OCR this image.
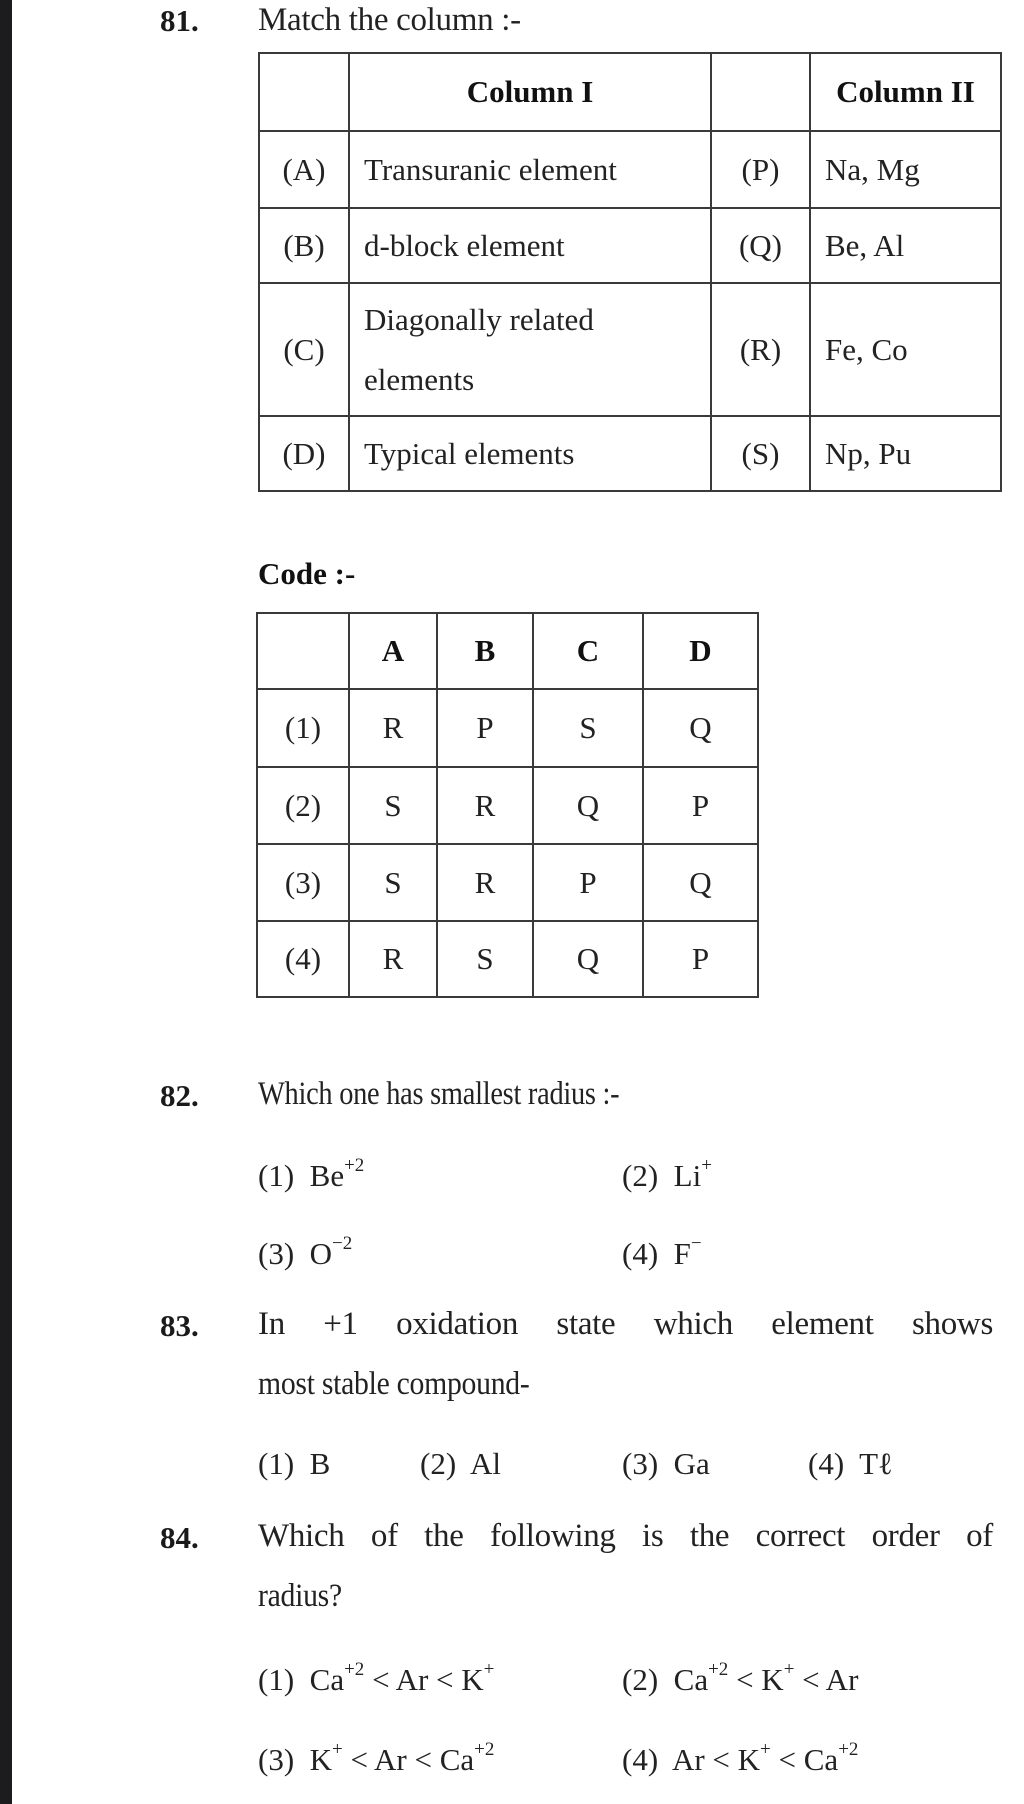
81. Match the column :-
	Column I		Column II
(A)	Transuranic element	(P)	Na, Mg
(B)	d-block element	(Q)	Be, Al
(C)	Diagonally related elements	(R)	Fe, Co
(D)	Typical elements	(S)	Np, Pu
Code :-
	A	B	C	D
(1)	R	P	S	Q
(2)	S	R	Q	P
(3)	S	R	P	Q
(4)	R	S	Q	P
82. Which one has smallest radius :-
(1) $Be^{+2}$	(2) Li+
(3) $O^{-2}$	(4) F−
83. In +1 oxidation state which element shows
most stable compound-
(1) B	(2) Al	(3) Ga	(4) Tℓ
84. Which of the following is the correct order of
radius?
(1) $Ca^{+2} < Ar < K^+$	(2) $Ca^{+2} < K^+ < Ar$
(3) $K^+ < Ar < Ca^{+2}$	(4) $Ar < K^+ < Ca^{+2}$
